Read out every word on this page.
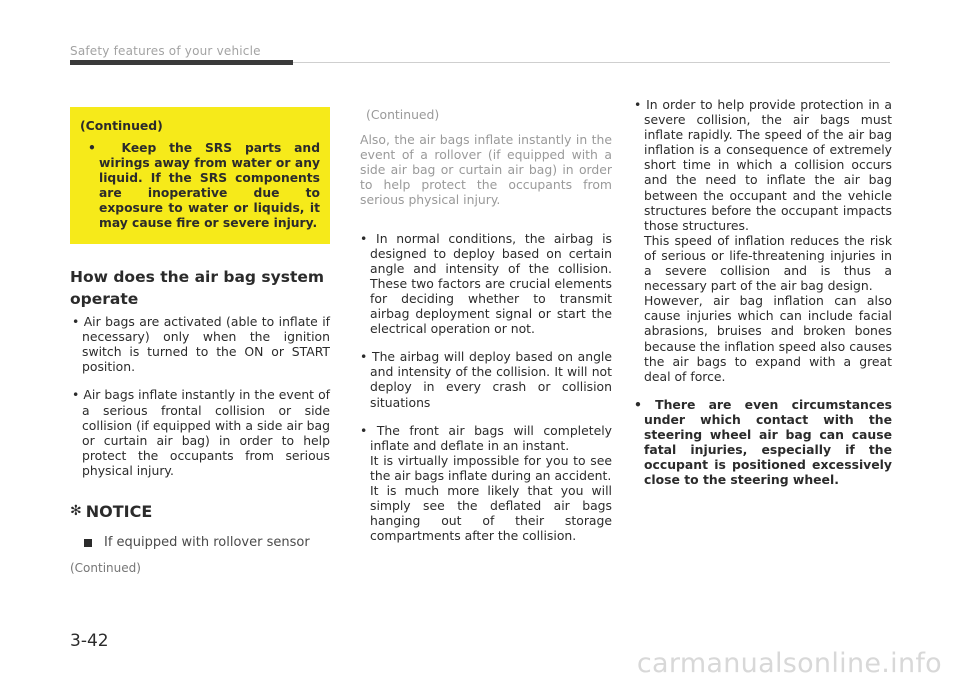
Safety features of your vehicle
(Continued)
•  Keep the SRS parts and wirings away from water or any liquid. If the SRS components are inoperative due to exposure to water or liquids, it may cause fire or severe injury.
How does the air bag system operate
• Air bags are activated (able to inflate if necessary) only when the ignition switch is turned to the ON or START position.
• Air bags inflate instantly in the event of a serious frontal collision or side collision (if equipped with a side air bag or curtain air bag) in order to help protect the occupants from serious physical injury.
✻ NOTICE
If equipped with rollover sensor
(Continued)
(Continued)
Also, the air bags inflate instantly in the event of a rollover (if equipped with a side air bag or curtain air bag) in order to help protect the occupants from serious physical injury.
• In normal conditions, the airbag is designed to deploy based on certain angle and intensity of the collision. These two factors are crucial elements for deciding whether to transmit airbag deployment signal or start the electrical operation or not.
• The airbag will deploy based on angle and intensity of the collision. It will not deploy in every crash or collision situations
• The front air bags will completely inflate and deflate in an instant.
It is virtually impossible for you to see the air bags inflate during an accident.
It is much more likely that you will simply see the deflated air bags hanging out of their storage compartments after the collision.
• In order to help provide protection in a severe collision, the air bags must inflate rapidly. The speed of the air bag inflation is a consequence of extremely short time in which a collision occurs and the need to inflate the air bag between the occupant and the vehicle structures before the occupant impacts those structures.
This speed of inflation reduces the risk of serious or life-threatening injuries in a severe collision and is thus a necessary part of the air bag design.
However, air bag inflation can also cause injuries which can include facial abrasions, bruises and broken bones because the inflation speed also causes the air bags to expand with a great deal of force.
• There are even circumstances under which contact with the steering wheel air bag can cause fatal injuries, especially if the occupant is positioned excessively close to the steering wheel.
3-42
carmanualsonline.info
